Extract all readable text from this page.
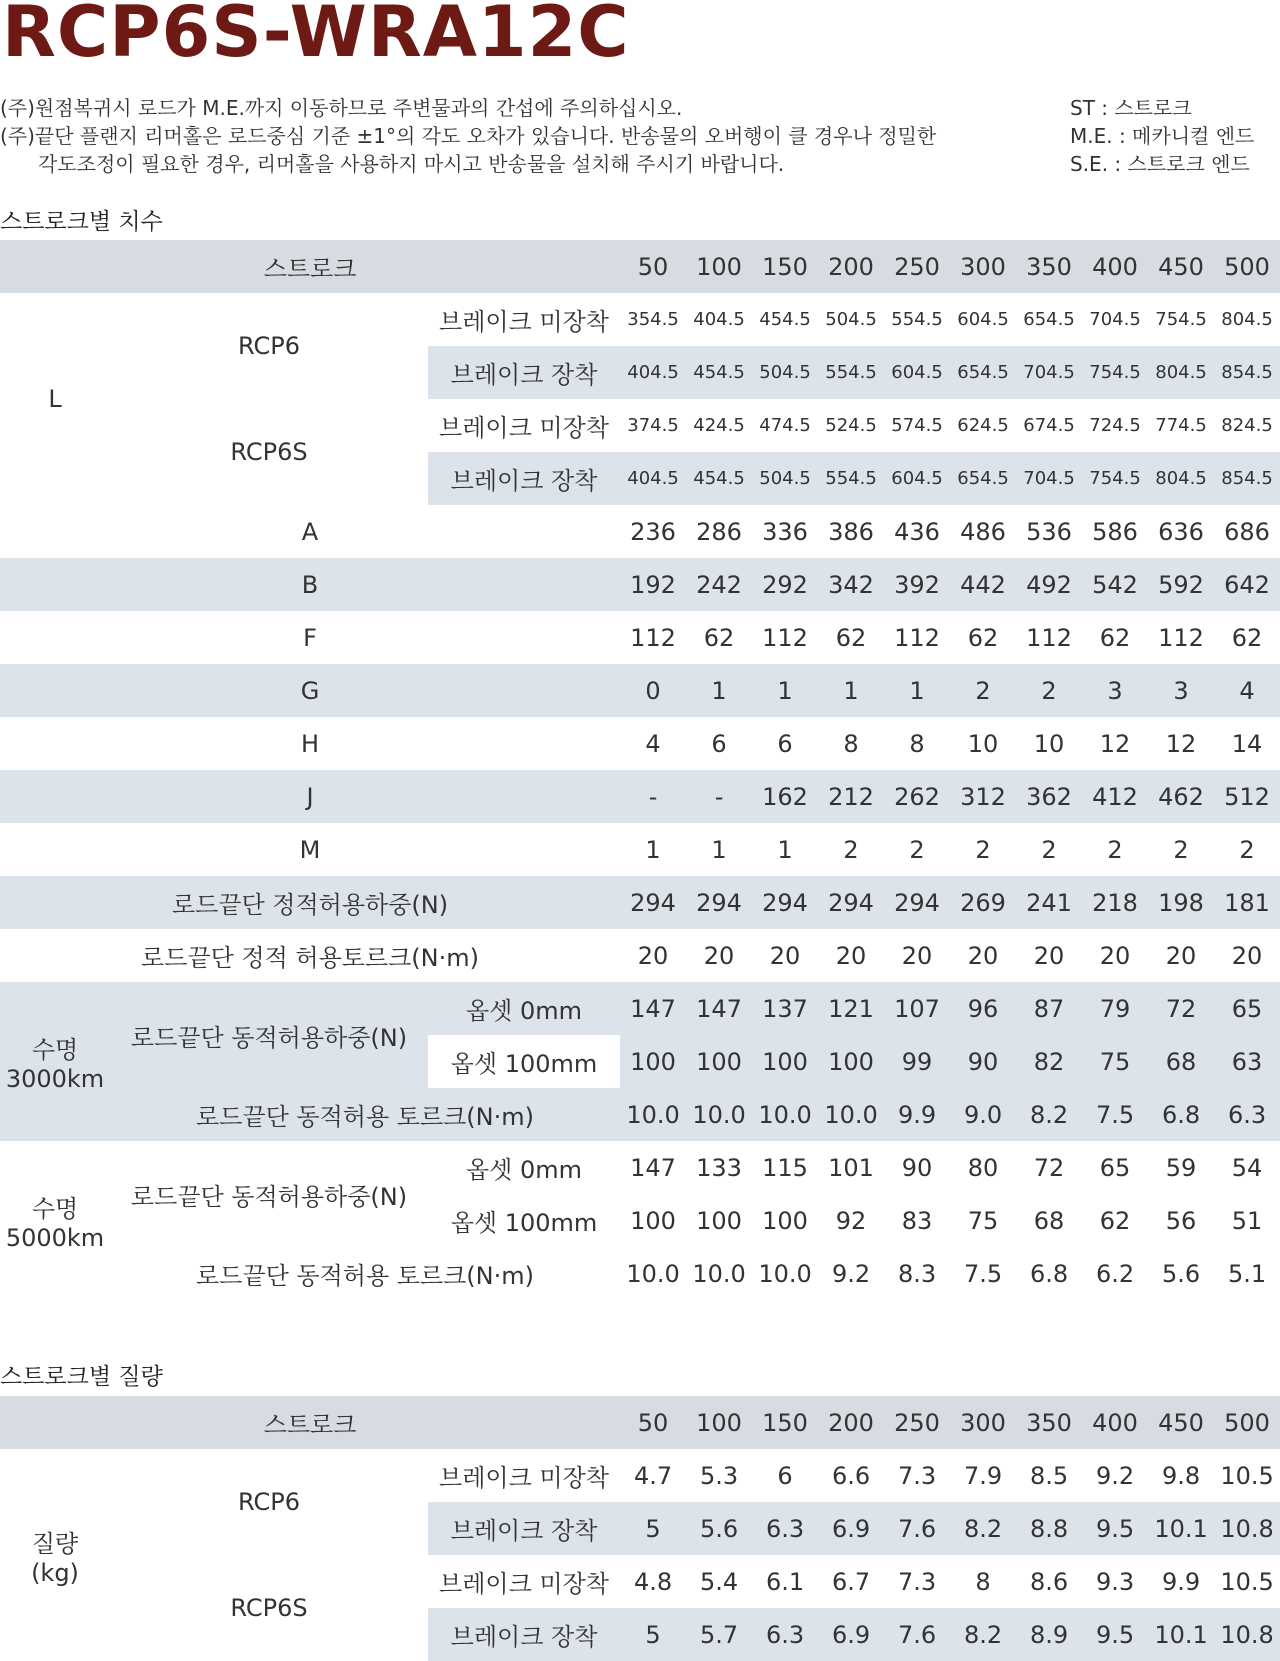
RCP6S-WRA12C
(주)원점복귀시 로드가 M.E.까지 이동하므로 주변물과의 간섭에 주의하십시오.
(주)끝단 플랜지 리머홀은 로드중심 기준 ±1°의 각도 오차가 있습니다. 반송물의 오버행이 클 경우나 정밀한
각도조정이 필요한 경우, 리머홀을 사용하지 마시고 반송물을 설치해 주시기 바랍니다.
ST : 스트로크
M.E. : 메카니컬 엔드
S.E. : 스트로크 엔드
스트로크별 치수
스트로크			50	100	150	200	250	300	350	400	450	500
L	RCP6	브레이크 미장착	354.5	404.5	454.5	504.5	554.5	604.5	654.5	704.5	754.5	804.5
		브레이크 장착	404.5	454.5	504.5	554.5	604.5	654.5	704.5	754.5	804.5	854.5
	RCP6S	브레이크 미장착	374.5	424.5	474.5	524.5	574.5	624.5	674.5	724.5	774.5	824.5
		브레이크 장착	404.5	454.5	504.5	554.5	604.5	654.5	704.5	754.5	804.5	854.5
A			236	286	336	386	436	486	536	586	636	686
B			192	242	292	342	392	442	492	542	592	642
F			112	62	112	62	112	62	112	62	112	62
G			0	1	1	1	1	2	2	3	3	4
H			4	6	6	8	8	10	10	12	12	14
J			-	-	162	212	262	312	362	412	462	512
M			1	1	1	2	2	2	2	2	2	2
로드끝단 정적허용하중(N)			294	294	294	294	294	269	241	218	198	181
로드끝단 정적 허용토르크(N·m)			20	20	20	20	20	20	20	20	20	20
수명
3000km	로드끝단 동적허용하중(N)	옵셋 0mm	147	147	137	121	107	96	87	79	72	65
		옵셋 100mm	100	100	100	100	99	90	82	75	68	63
	로드끝단 동적허용 토르크(N·m)		10.0	10.0	10.0	10.0	9.9	9.0	8.2	7.5	6.8	6.3
수명
5000km	로드끝단 동적허용하중(N)	옵셋 0mm	147	133	115	101	90	80	72	65	59	54
		옵셋 100mm	100	100	100	92	83	75	68	62	56	51
	로드끝단 동적허용 토르크(N·m)		10.0	10.0	10.0	9.2	8.3	7.5	6.8	6.2	5.6	5.1
스트로크별 질량
스트로크			50	100	150	200	250	300	350	400	450	500
질량
(kg)	RCP6	브레이크 미장착	4.7	5.3	6	6.6	7.3	7.9	8.5	9.2	9.8	10.5
		브레이크 장착	5	5.6	6.3	6.9	7.6	8.2	8.8	9.5	10.1	10.8
	RCP6S	브레이크 미장착	4.8	5.4	6.1	6.7	7.3	8	8.6	9.3	9.9	10.5
		브레이크 장착	5	5.7	6.3	6.9	7.6	8.2	8.9	9.5	10.1	10.8
